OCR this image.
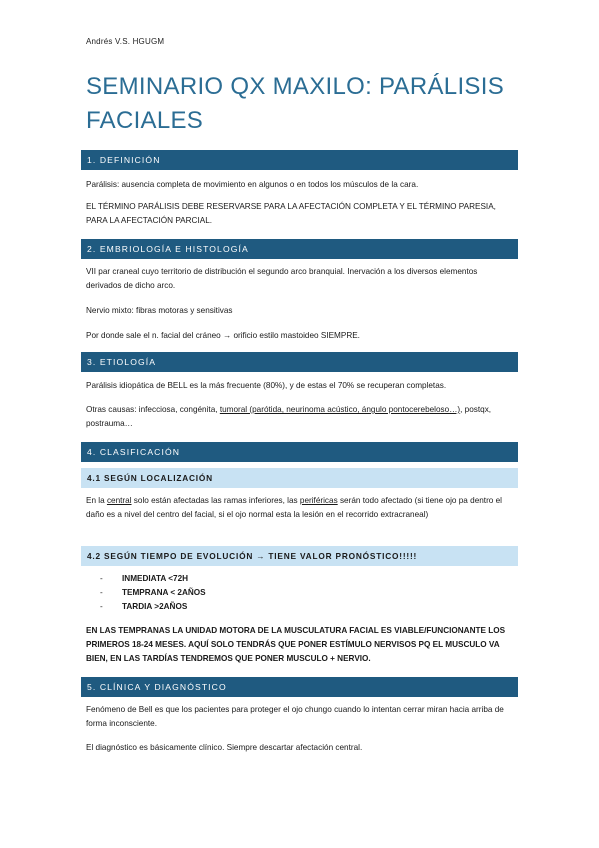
Andrés V.S. HGUGM
SEMINARIO QX MAXILO: PARÁLISIS FACIALES
1. DEFINICIÓN

Parálisis: ausencia completa de movimiento en algunos o en todos los músculos de la cara.

EL TÉRMINO PARÁLISIS DEBE RESERVARSE PARA LA AFECTACIÓN COMPLETA Y EL TÉRMINO PARESIA, PARA LA AFECTACIÓN PARCIAL.

2. EMBRIOLOGÍA E HISTOLOGÍA

VII par craneal cuyo territorio de distribución el segundo arco branquial. Inervación a los diversos elementos derivados de dicho arco.

Nervio mixto: fibras motoras y sensitivas

Por donde sale el n. facial del cráneo → orificio estilo mastoideo SIEMPRE.

3. ETIOLOGÍA

Parálisis idiopática de BELL es la más frecuente (80%), y de estas el 70% se recuperan completas.

Otras causas: infecciosa, congénita, tumoral (parótida, neurinoma acústico, ángulo pontocerebeloso…), postqx, postrauma…

4. CLASIFICACIÓN
4.1 SEGÚN LOCALIZACIÓN

En la central solo están afectadas las ramas inferiores, las periféricas serán todo afectado (si tiene ojo pa dentro el daño es a nivel del centro del facial, si el ojo normal esta la lesión en el recorrido extracraneal)

4.2 SEGÚN TIEMPO DE EVOLUCIÓN → TIENE VALOR PRONÓSTICO!!!!!
-	INMEDIATA <72H
-	TEMPRANA < 2AÑOS
-	TARDIA >2AÑOS

EN LAS TEMPRANAS LA UNIDAD MOTORA DE LA MUSCULATURA FACIAL ES VIABLE/FUNCIONANTE LOS PRIMEROS 18-24 MESES. AQUÍ SOLO TENDRÁS QUE PONER ESTÍMULO NERVISOS PQ EL MUSCULO VA BIEN, EN LAS TARDÍAS TENDREMOS QUE PONER MUSCULO + NERVIO.

5. CLÍNICA Y DIAGNÓSTICO

Fenómeno de Bell es que los pacientes para proteger el ojo chungo cuando lo intentan cerrar miran hacia arriba de forma inconsciente.

El diagnóstico es básicamente clínico. Siempre descartar afectación central.
